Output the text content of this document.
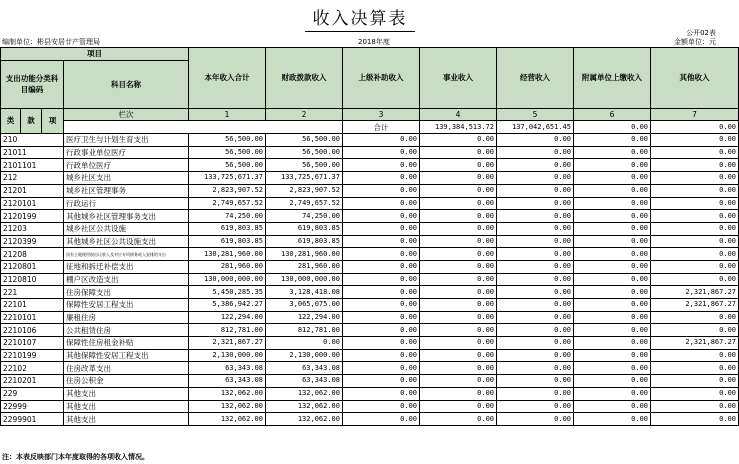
收入决算表
公开02表
编制单位：彬县安居廿产管理局	2018年度	金额单位：元
项目				本年收入合计	财政拨款收入	上级补助收入	事业收入	经营收入	附属单位上缴收入	其他收入	
支出功能分类科目编码			科目名称								

类	款	项	栏次	1	2	3	4	5	6	7	
						合计	139,384,513.72	137,042,651.45	0.00	0.00			
210			医疗卫生与计划生育支出	56,500.00	56,500.00	0.00	0.00	0.00	0.00	0.00	
21011			行政事业单位医疗	56,500.00	56,500.00	0.00	0.00	0.00	0.00	0.00	
2101101			行政单位医疗	56,500.00	56,500.00	0.00	0.00	0.00	0.00	0.00	
212			城乡社区支出	133,725,671.37	133,725,671.37	0.00	0.00	0.00	0.00	0.00	
21201			城乡社区管理事务	2,823,907.52	2,823,907.52	0.00	0.00	0.00	0.00	0.00	
2120101			行政运行	2,749,657.52	2,749,657.52	0.00	0.00	0.00	0.00	0.00	
2120199			其他城乡社区管理事务支出	74,250.00	74,250.00	0.00	0.00	0.00	0.00	0.00	
21203			城乡社区公共设施	619,803.85	619,803.85	0.00	0.00	0.00	0.00	0.00	
2120399			其他城乡社区公共设施支出	619,803.85	619,803.85	0.00	0.00	0.00	0.00	0.00	
21208			国有土地使用权出让收入及对应专项债务收入安排的支出	130,281,960.00	130,281,960.00	0.00	0.00	0.00	0.00	0.00	
2120801			征地和拆迁补偿支出	281,960.00	281,960.00	0.00	0.00	0.00	0.00	0.00	
2120810			棚户区改造支出	130,000,000.00	130,000,000.00	0.00	0.00	0.00	0.00	0.00	
221			住房保障支出	5,450,285.35	3,128,418.08	0.00	0.00	0.00	0.00	2,321,867.27	
22101			保障性安居工程支出	5,386,942.27	3,065,075.00	0.00	0.00	0.00	0.00	2,321,867.27	
2210101			廉租住房	122,294.00	122,294.00	0.00	0.00	0.00	0.00	0.00	
2210106			公共租赁住房	812,781.00	812,781.00	0.00	0.00	0.00	0.00	0.00	
2210107			保障性住房租金补贴	2,321,867.27	0.00	0.00	0.00	0.00	0.00	2,321,867.27	
2210199			其他保障性安居工程支出	2,130,000.00	2,130,000.00	0.00	0.00	0.00	0.00	0.00	
22102			住房改革支出	63,343.08	63,343.08	0.00	0.00	0.00	0.00	0.00	
2210201			住房公积金	63,343.08	63,343.08	0.00	0.00	0.00	0.00	0.00	
229			其他支出	132,062.00	132,062.00	0.00	0.00	0.00	0.00	0.00	
22999			其他支出	132,062.00	132,062.00	0.00	0.00	0.00	0.00	0.00	
2299901			其他支出	132,062.00	132,062.00	0.00	0.00	0.00	0.00	0.00	
注：本表反映部门本年度取得的各项收入情况。
